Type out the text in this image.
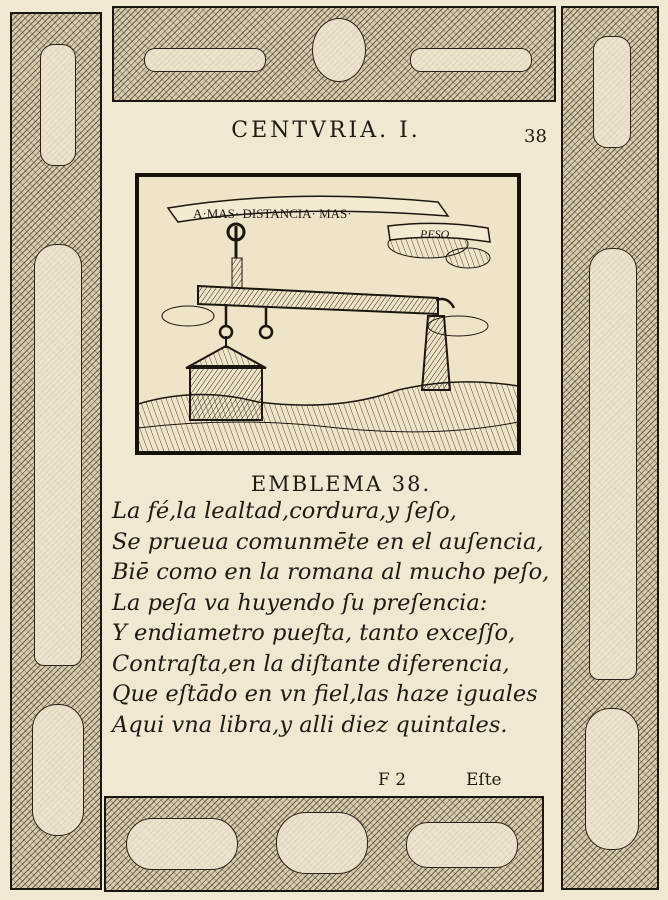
CENTVRIA. I.	38
A·MAS· DISTANCIA· MAS·
PESO
EMBLEMA 38.
La fé,la lealtad,cordura,y ſeſo,
Se prueua comunmēte en el auſencia,
Biē como en la romana al mucho peſo,
La peſa va huyendo ſu preſencia:
Y endiametro pueſta, tanto exceſſo,
Contraſta,en la diſtante diferencia,
Que eſtādo en vn fiel,las haze iguales
Aqui vna libra,y alli diez quintales.
F 2	Eſte
